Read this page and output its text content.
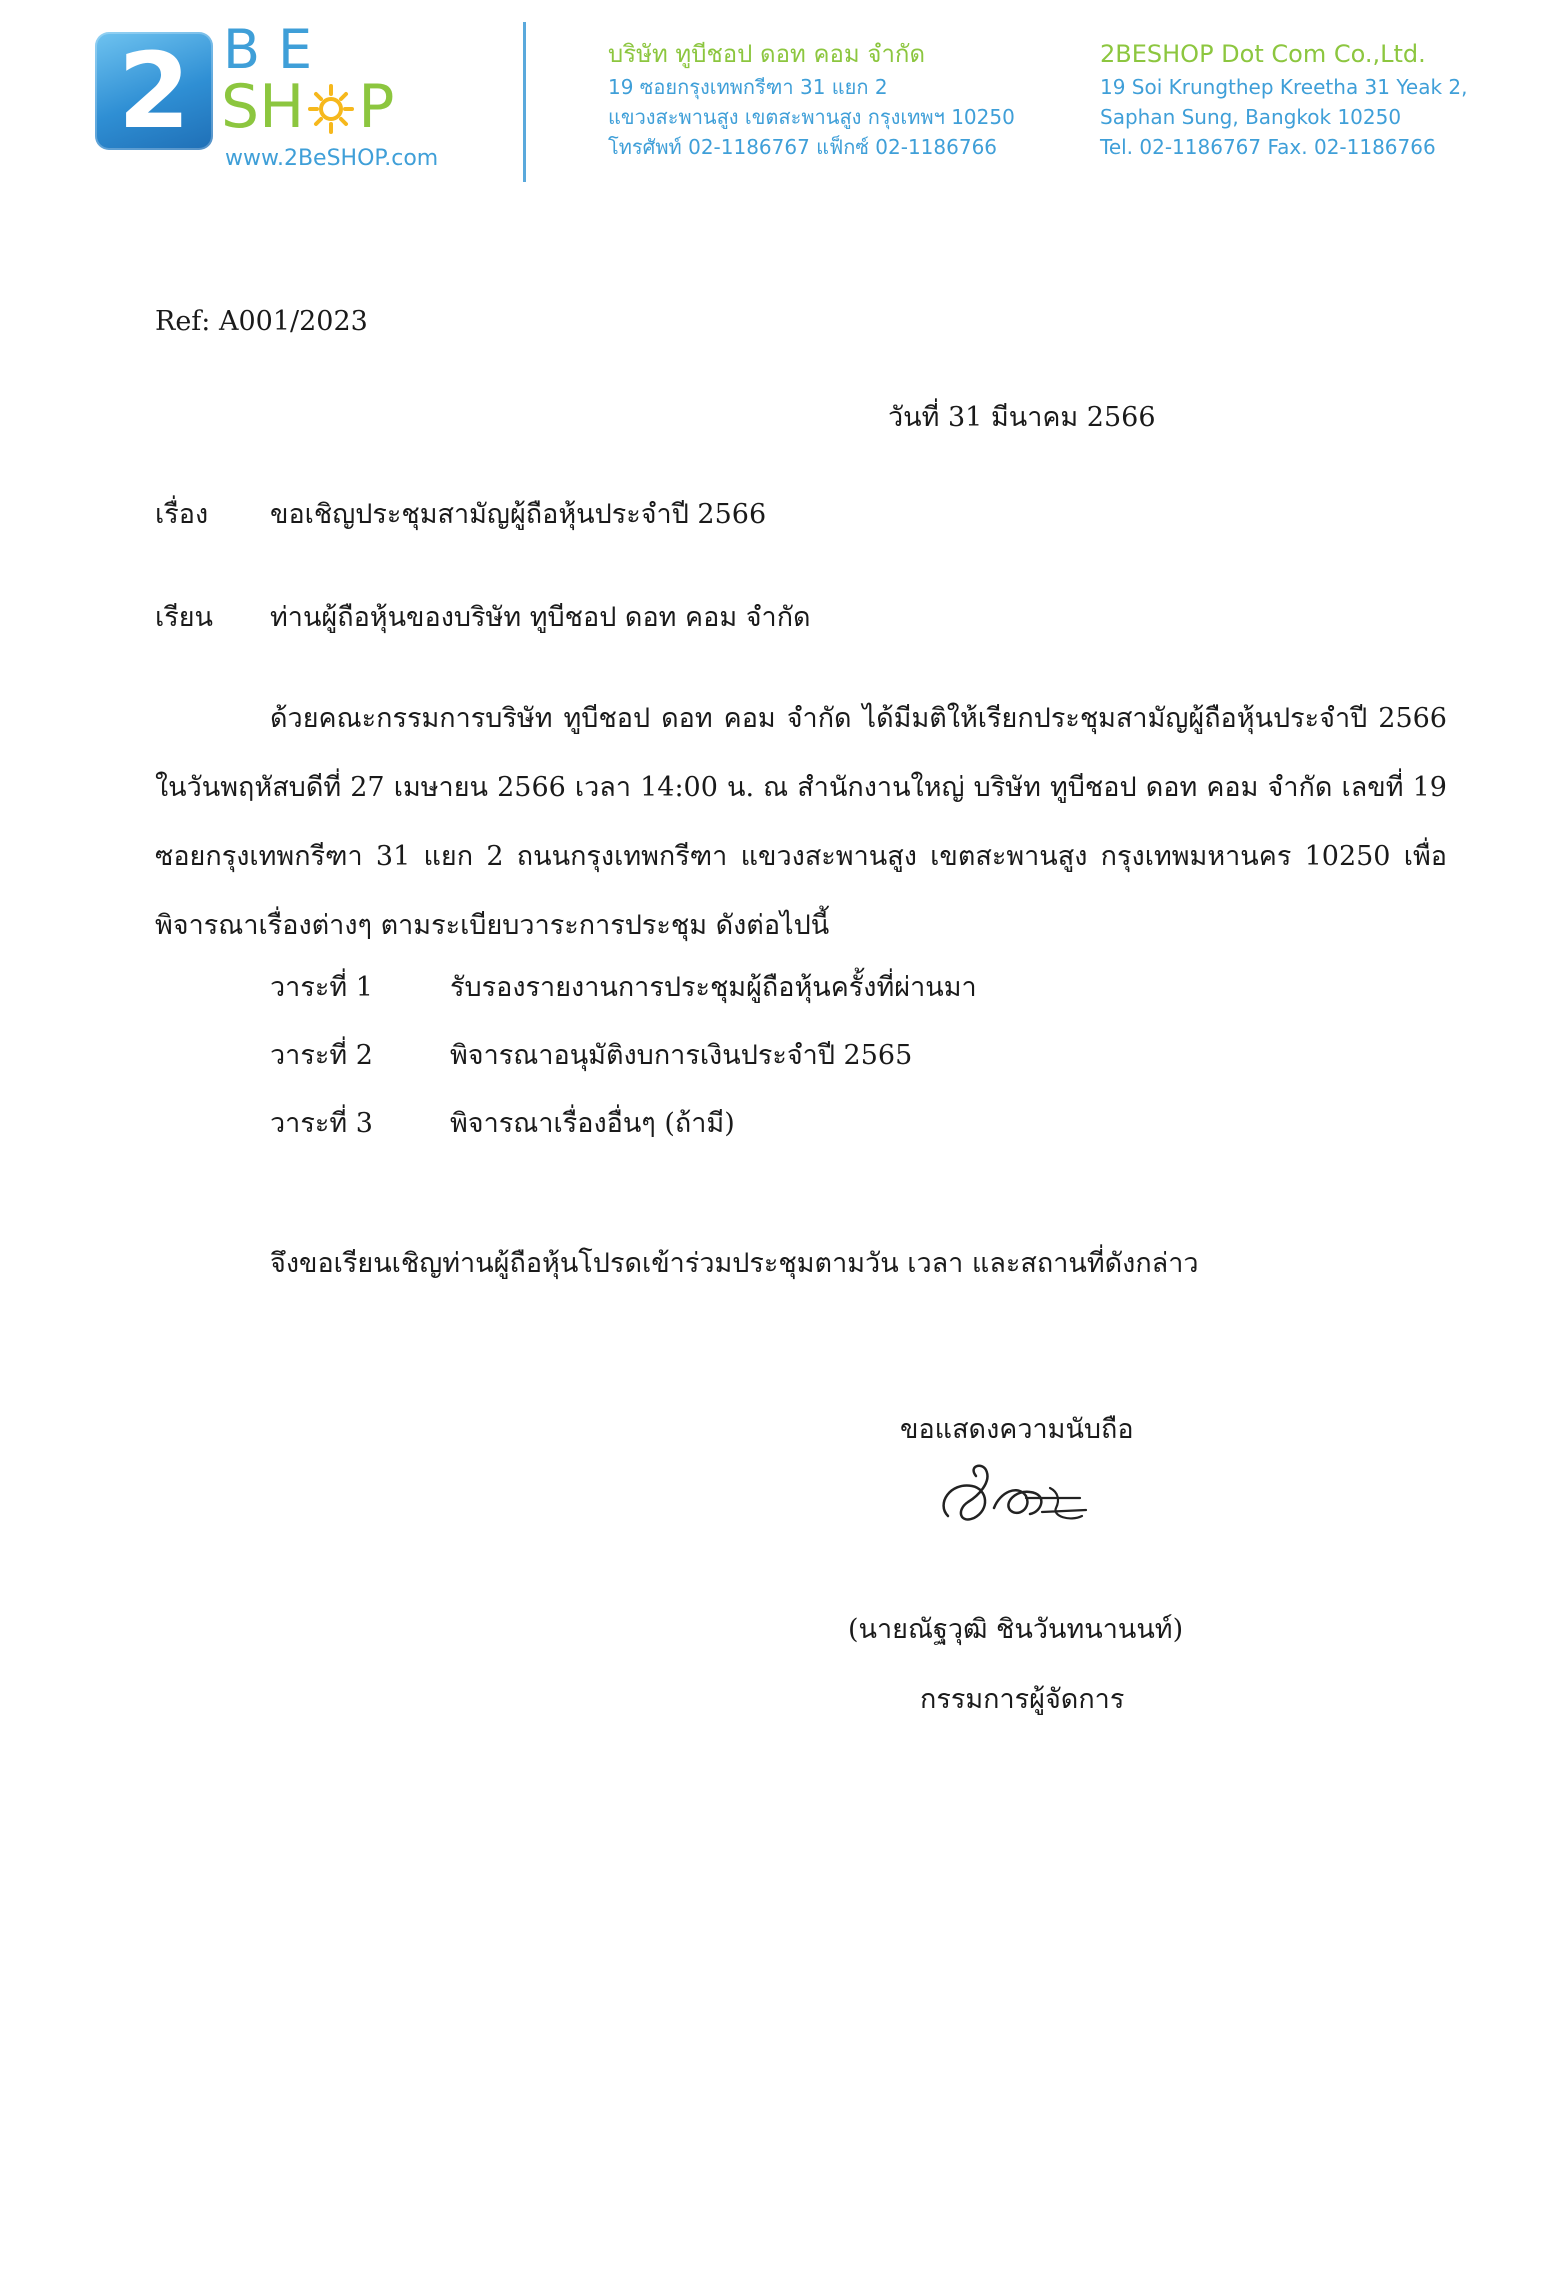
2 BE
SH P
www.2BeSHOP.com
บริษัท ทูบีชอป ดอท คอม จำกัด
19 ซอยกรุงเทพกรีฑา 31 แยก 2
แขวงสะพานสูง เขตสะพานสูง กรุงเทพฯ 10250
โทรศัพท์ 02-1186767 แฟ็กซ์ 02-1186766
2BESHOP Dot Com Co.,Ltd.
19 Soi Krungthep Kreetha 31 Yeak 2,
Saphan Sung, Bangkok 10250
Tel. 02-1186767 Fax. 02-1186766
Ref: A001/2023
วันที่ 31 มีนาคม 2566
เรื่อง ขอเชิญประชุมสามัญผู้ถือหุ้นประจำปี 2566
เรียน ท่านผู้ถือหุ้นของบริษัท ทูบีชอป ดอท คอม จำกัด
ด้วยคณะกรรมการบริษัท ทูบีชอป ดอท คอม จำกัด ได้มีมติให้เรียกประชุมสามัญผู้ถือหุ้นประจำปี 2566 ในวันพฤหัสบดีที่ 27 เมษายน 2566 เวลา 14:00 น. ณ สำนักงานใหญ่ บริษัท ทูบีชอป ดอท คอม จำกัด เลขที่ 19 ซอยกรุงเทพกรีฑา 31 แยก 2 ถนนกรุงเทพกรีฑา แขวงสะพานสูง เขตสะพานสูง กรุงเทพมหานคร 10250 เพื่อพิจารณาเรื่องต่างๆ ตามระเบียบวาระการประชุม ดังต่อไปนี้
วาระที่ 1	รับรองรายงานการประชุมผู้ถือหุ้นครั้งที่ผ่านมา
วาระที่ 2	พิจารณาอนุมัติงบการเงินประจำปี 2565
วาระที่ 3	พิจารณาเรื่องอื่นๆ (ถ้ามี)
จึงขอเรียนเชิญท่านผู้ถือหุ้นโปรดเข้าร่วมประชุมตามวัน เวลา และสถานที่ดังกล่าว
ขอแสดงความนับถือ
(นายณัฐวุฒิ ชินวันทนานนท์)
กรรมการผู้จัดการ
